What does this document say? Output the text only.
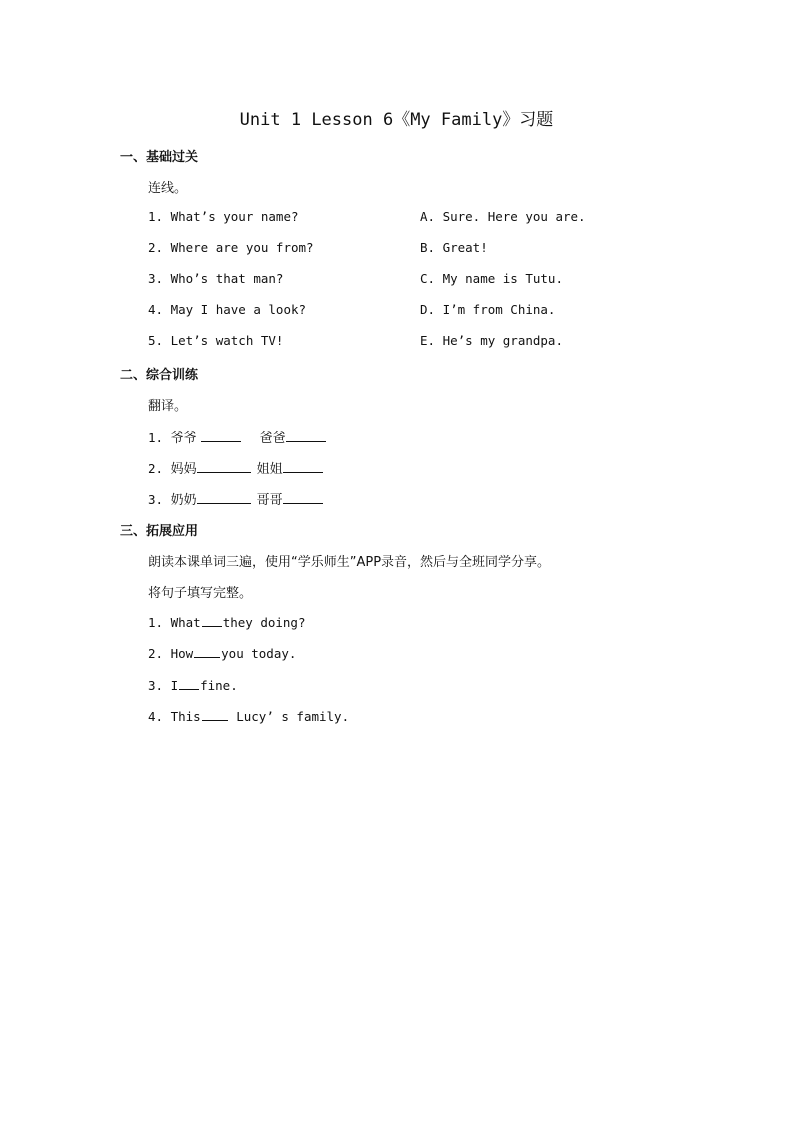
Unit 1 Lesson 6《My Family》习题
一、基础过关
连线。
1. What’s your name?	A. Sure. Here you are.
2. Where are you from?	B. Great!
3. Who’s that man?	C. My name is Tutu.
4. May I have a look?	D. I’m from China.
5. Let’s watch TV!	E. He’s my grandpa.
二、综合训练
翻译。
1. 爷爷	爸爸
2. 妈妈	姐姐
3. 奶奶	哥哥
三、拓展应用
朗读本课单词三遍，使用“学乐师生”APP录音，然后与全班同学分享。
将句子填写完整。
1. What they doing?
2. How you today.
3. I fine.
4. This Lucy’ s family.
